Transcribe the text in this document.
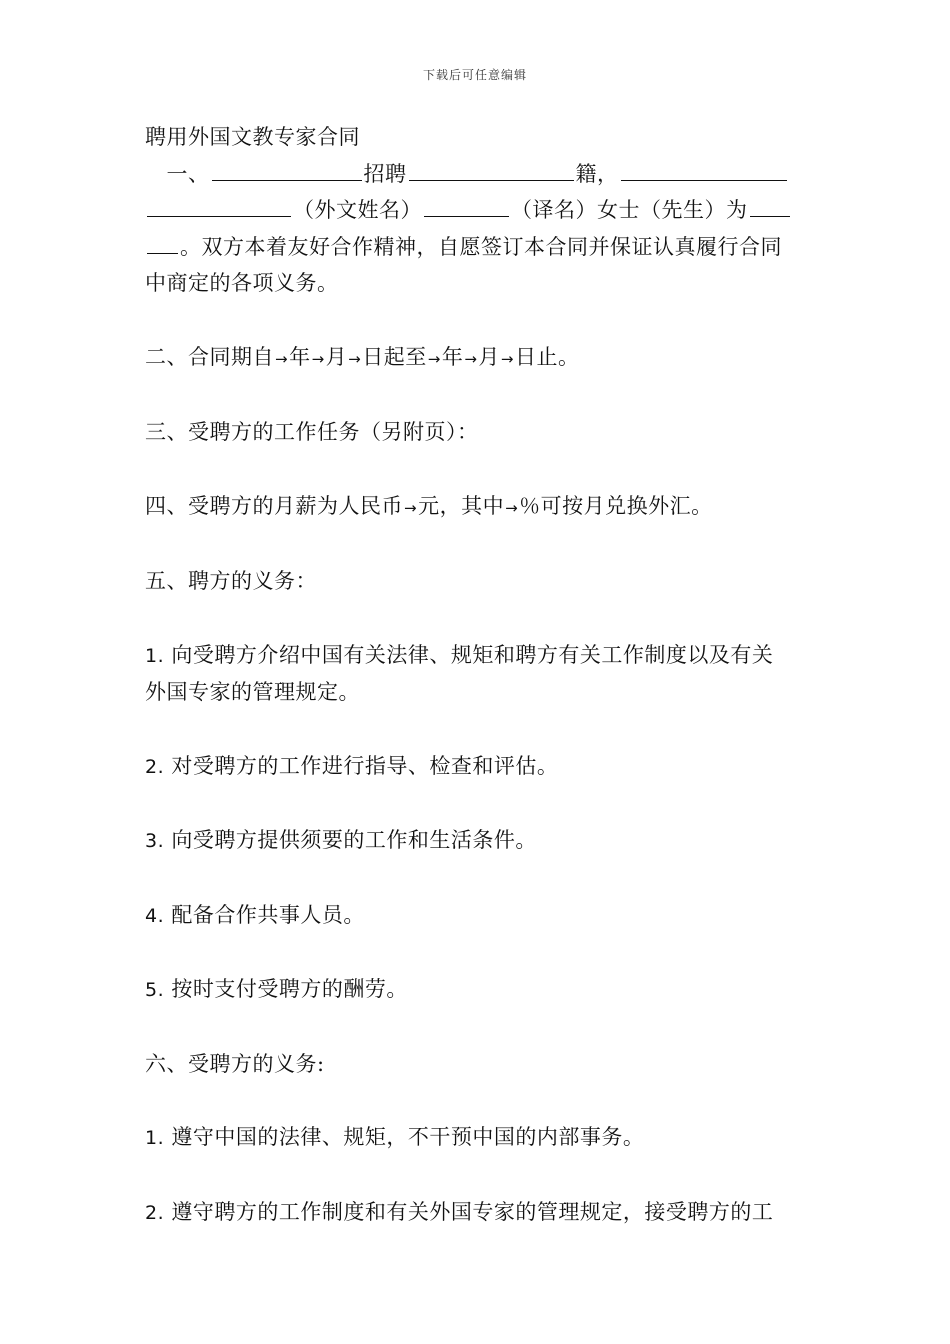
下载后可任意编辑

聘用外国文教专家合同

一、	招聘	籍，

（外文姓名）	（译名）女士（先生）为

。双方本着友好合作精神，自愿签订本合同并保证认真履行合同

中商定的各项义务。

二、合同期自→年→月→日起至→年→月→日止。

三、受聘方的工作任务（另附页）：

四、受聘方的月薪为人民币→元，其中→％可按月兑换外汇。

五、聘方的义务：

1. 向受聘方介绍中国有关法律、规矩和聘方有关工作制度以及有关

外国专家的管理规定。

2. 对受聘方的工作进行指导、检查和评估。

3. 向受聘方提供须要的工作和生活条件。

4. 配备合作共事人员。

5. 按时支付受聘方的酬劳。

六、受聘方的义务:

1. 遵守中国的法律、规矩，不干预中国的内部事务。

2. 遵守聘方的工作制度和有关外国专家的管理规定，接受聘方的工
